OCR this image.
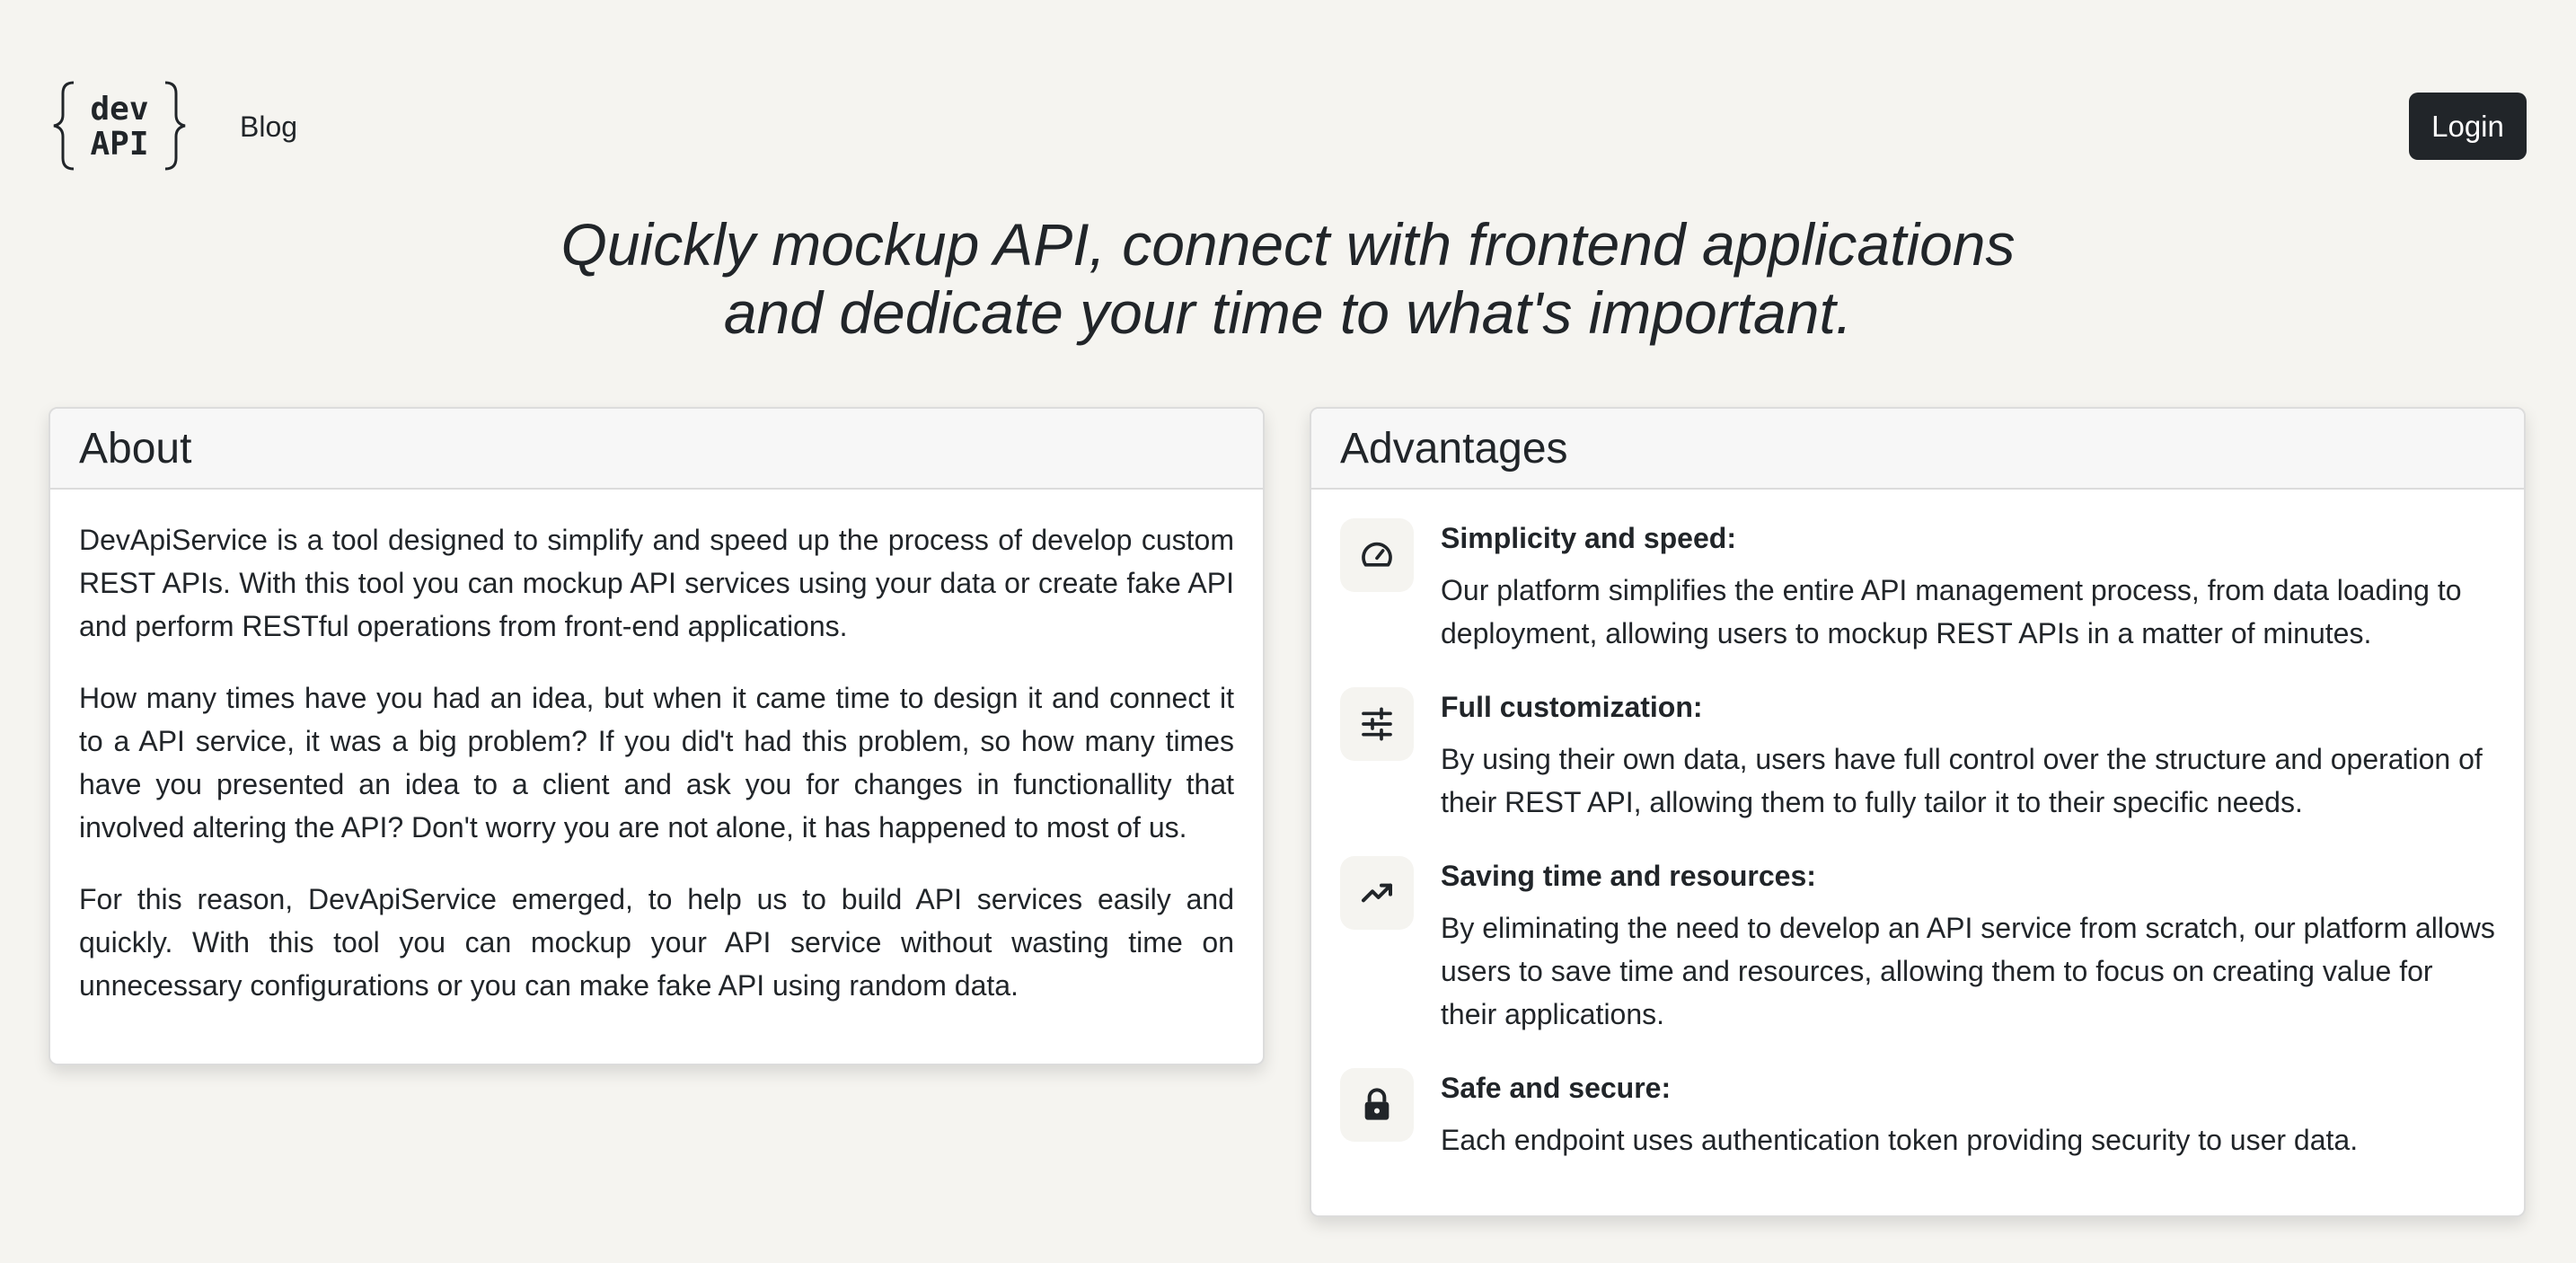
dev
API	Blog	Login
Quickly mockup API, connect with frontend applications
and dedicate your time to what's important.
About

DevApiService is a tool designed to simplify and speed up the process of develop custom REST APIs. With this tool you can mockup API services using your data or create fake API and perform RESTful operations from front-end applications.

How many times have you had an idea, but when it came time to design it and connect it to a API service, it was a big problem? If you did't had this problem, so how many times have you presented an idea to a client and ask you for changes in functionallity that involved altering the API? Don't worry you are not alone, it has happened to most of us.

For this reason, DevApiService emerged, to help us to build API services easily and quickly. With this tool you can mockup your API service without wasting time on unnecessary configurations or you can make fake API using random data.

Advantages

Simplicity and speed:

Our platform simplifies the entire API management process, from data loading to deployment, allowing users to mockup REST APIs in a matter of minutes.

Full customization:

By using their own data, users have full control over the structure and operation of their REST API, allowing them to fully tailor it to their specific needs.

Saving time and resources:

By eliminating the need to develop an API service from scratch, our platform allows users to save time and resources, allowing them to focus on creating value for their applications.

Safe and secure:

Each endpoint uses authentication token providing security to user data.
